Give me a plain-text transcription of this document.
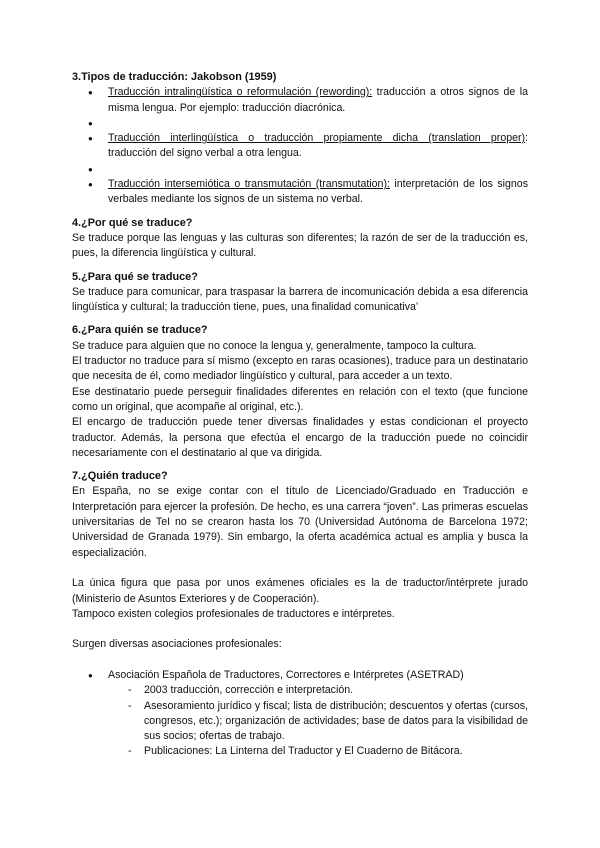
3.Tipos de traducción: Jakobson (1959)

● Traducción intralingüística o reformulación (rewording): traducción a otros signos de la misma lengua. Por ejemplo: traducción diacrónica.
●
● Traducción interlingüística o traducción propiamente dicha (translation proper): traducción del signo verbal a otra lengua.
●
● Traducción intersemiótica o transmutación (transmutation): interpretación de los signos verbales mediante los signos de un sistema no verbal.

4.¿Por qué se traduce?

Se traduce porque las lenguas y las culturas son diferentes; la razón de ser de la traducción es, pues, la diferencia lingüística y cultural.

5.¿Para qué se traduce?

Se traduce para comunicar, para traspasar la barrera de incomunicación debida a esa diferencia lingüística y cultural; la traducción tiene, pues, una finalidad comunicativa’

6.¿Para quién se traduce?

Se traduce para alguien que no conoce la lengua y, generalmente, tampoco la cultura.

El traductor no traduce para sí mismo (excepto en raras ocasiones), traduce para un destinatario que necesita de él, como mediador lingüístico y cultural, para acceder a un texto.

Ese destinatario puede perseguir finalidades diferentes en relación con el texto (que funcione como un original, que acompañe al original, etc.).

El encargo de traducción puede tener diversas finalidades y estas condicionan el proyecto traductor. Además, la persona que efectúa el encargo de la traducción puede no coincidir necesariamente con el destinatario al que va dirigida.

7.¿Quién traduce?

En España, no se exige contar con el título de Licenciado/Graduado en Traducción e Interpretación para ejercer la profesión. De hecho, es una carrera “joven”. Las primeras escuelas universitarias de TeI no se crearon hasta los 70 (Universidad Autónoma de Barcelona 1972; Universidad de Granada 1979). Sin embargo, la oferta académica actual es amplia y busca la especialización.

La única figura que pasa por unos exámenes oficiales es la de traductor/intérprete jurado (Ministerio de Asuntos Exteriores y de Cooperación).

Tampoco existen colegios profesionales de traductores e intérpretes.

Surgen diversas asociaciones profesionales:

● Asociación Española de Traductores, Correctores e Intérpretes (ASETRAD)
- 2003 traducción, corrección e interpretación.
- Asesoramiento jurídico y fiscal; lista de distribución; descuentos y ofertas (cursos, congresos, etc.); organización de actividades; base de datos para la visibilidad de sus socios; ofertas de trabajo.
- Publicaciones: La Linterna del Traductor y El Cuaderno de Bitácora.
